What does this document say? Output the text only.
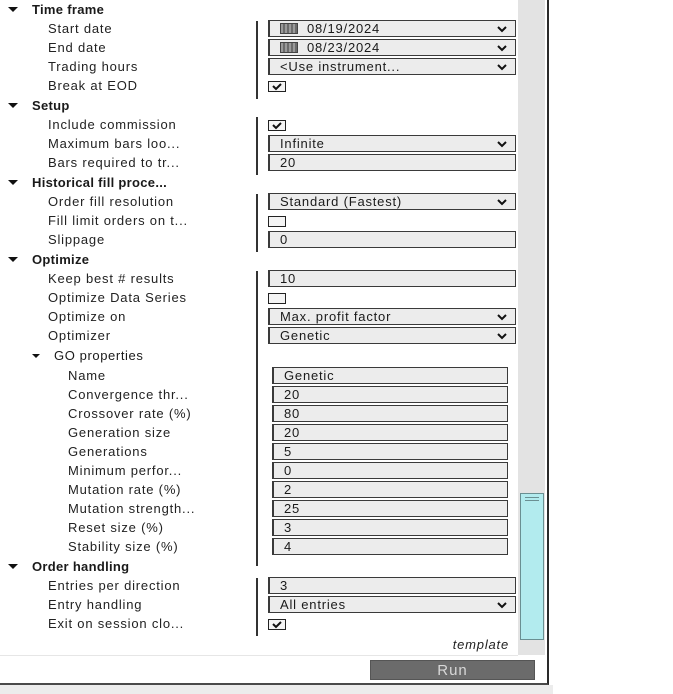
Time frame
Start date	08/19/2024
End date	08/23/2024
Trading hours	<Use instrument...
Break at EOD
Setup
Include commission
Maximum bars loo...	Infinite
Bars required to tr...	20
Historical fill proce...
Order fill resolution	Standard (Fastest)
Fill limit orders on t...
Slippage	0
Optimize
Keep best # results	10
Optimize Data Series
Optimize on	Max. profit factor
Optimizer	Genetic
GO properties
Name	Genetic
Convergence thr...	20
Crossover rate (%)	80
Generation size	20
Generations	5
Minimum perfor...	0
Mutation rate (%)	2
Mutation strength...	25
Reset size (%)	3
Stability size (%)	4
Order handling
Entries per direction	3
Entry handling	All entries
Exit on session clo...
template
Run
